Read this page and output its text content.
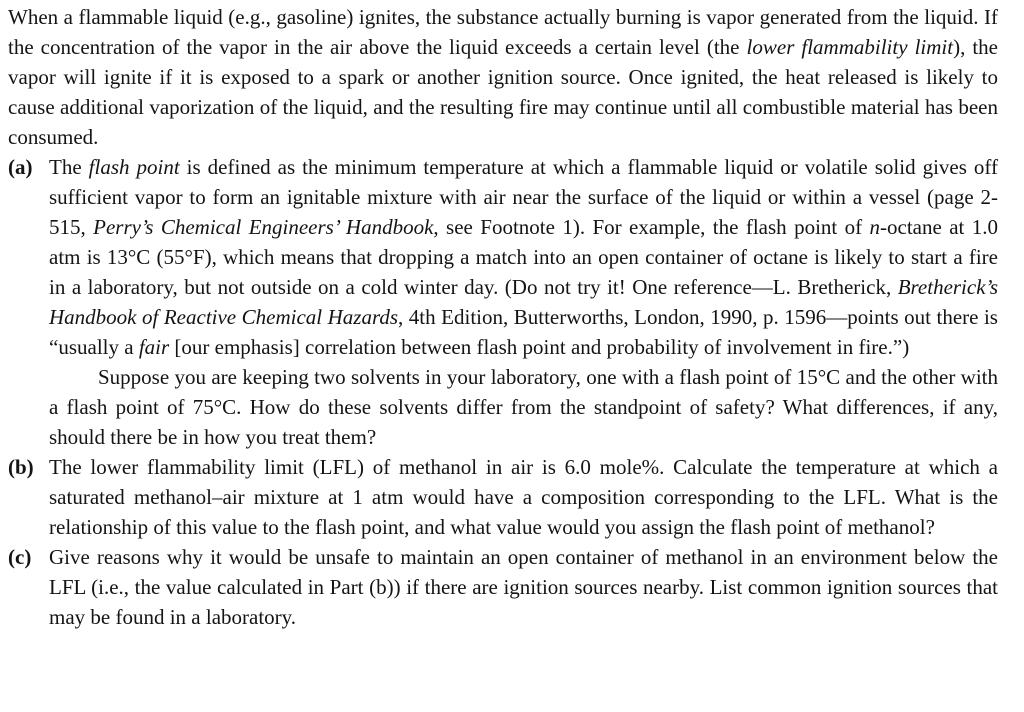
When a flammable liquid (e.g., gasoline) ignites, the substance actually burning is vapor generated from the liquid. If the concentration of the vapor in the air above the liquid exceeds a certain level (the lower flammability limit), the vapor will ignite if it is exposed to a spark or another ignition source. Once ignited, the heat released is likely to cause additional vaporization of the liquid, and the resulting fire may continue until all combustible material has been consumed.

(a) The flash point is defined as the minimum temperature at which a flammable liquid or volatile solid gives off sufficient vapor to form an ignitable mixture with air near the surface of the liquid or within a vessel (page 2-515, Perry’s Chemical Engineers’ Handbook, see Footnote 1). For example, the flash point of n-octane at 1.0 atm is 13°C (55°F), which means that dropping a match into an open container of octane is likely to start a fire in a laboratory, but not outside on a cold winter day. (Do not try it! One reference—L. Bretherick, Bretherick’s Handbook of Reactive Chemical Hazards, 4th Edition, Butterworths, London, 1990, p. 1596—points out there is “usually a fair [our emphasis] correlation between flash point and probability of involvement in fire.”)

Suppose you are keeping two solvents in your laboratory, one with a flash point of 15°C and the other with a flash point of 75°C. How do these solvents differ from the standpoint of safety? What differences, if any, should there be in how you treat them?

(b) The lower flammability limit (LFL) of methanol in air is 6.0 mole%. Calculate the temperature at which a saturated methanol–air mixture at 1 atm would have a composition corresponding to the LFL. What is the relationship of this value to the flash point, and what value would you assign the flash point of methanol?

(c) Give reasons why it would be unsafe to maintain an open container of methanol in an environment below the LFL (i.e., the value calculated in Part (b)) if there are ignition sources nearby. List common ignition sources that may be found in a laboratory.
